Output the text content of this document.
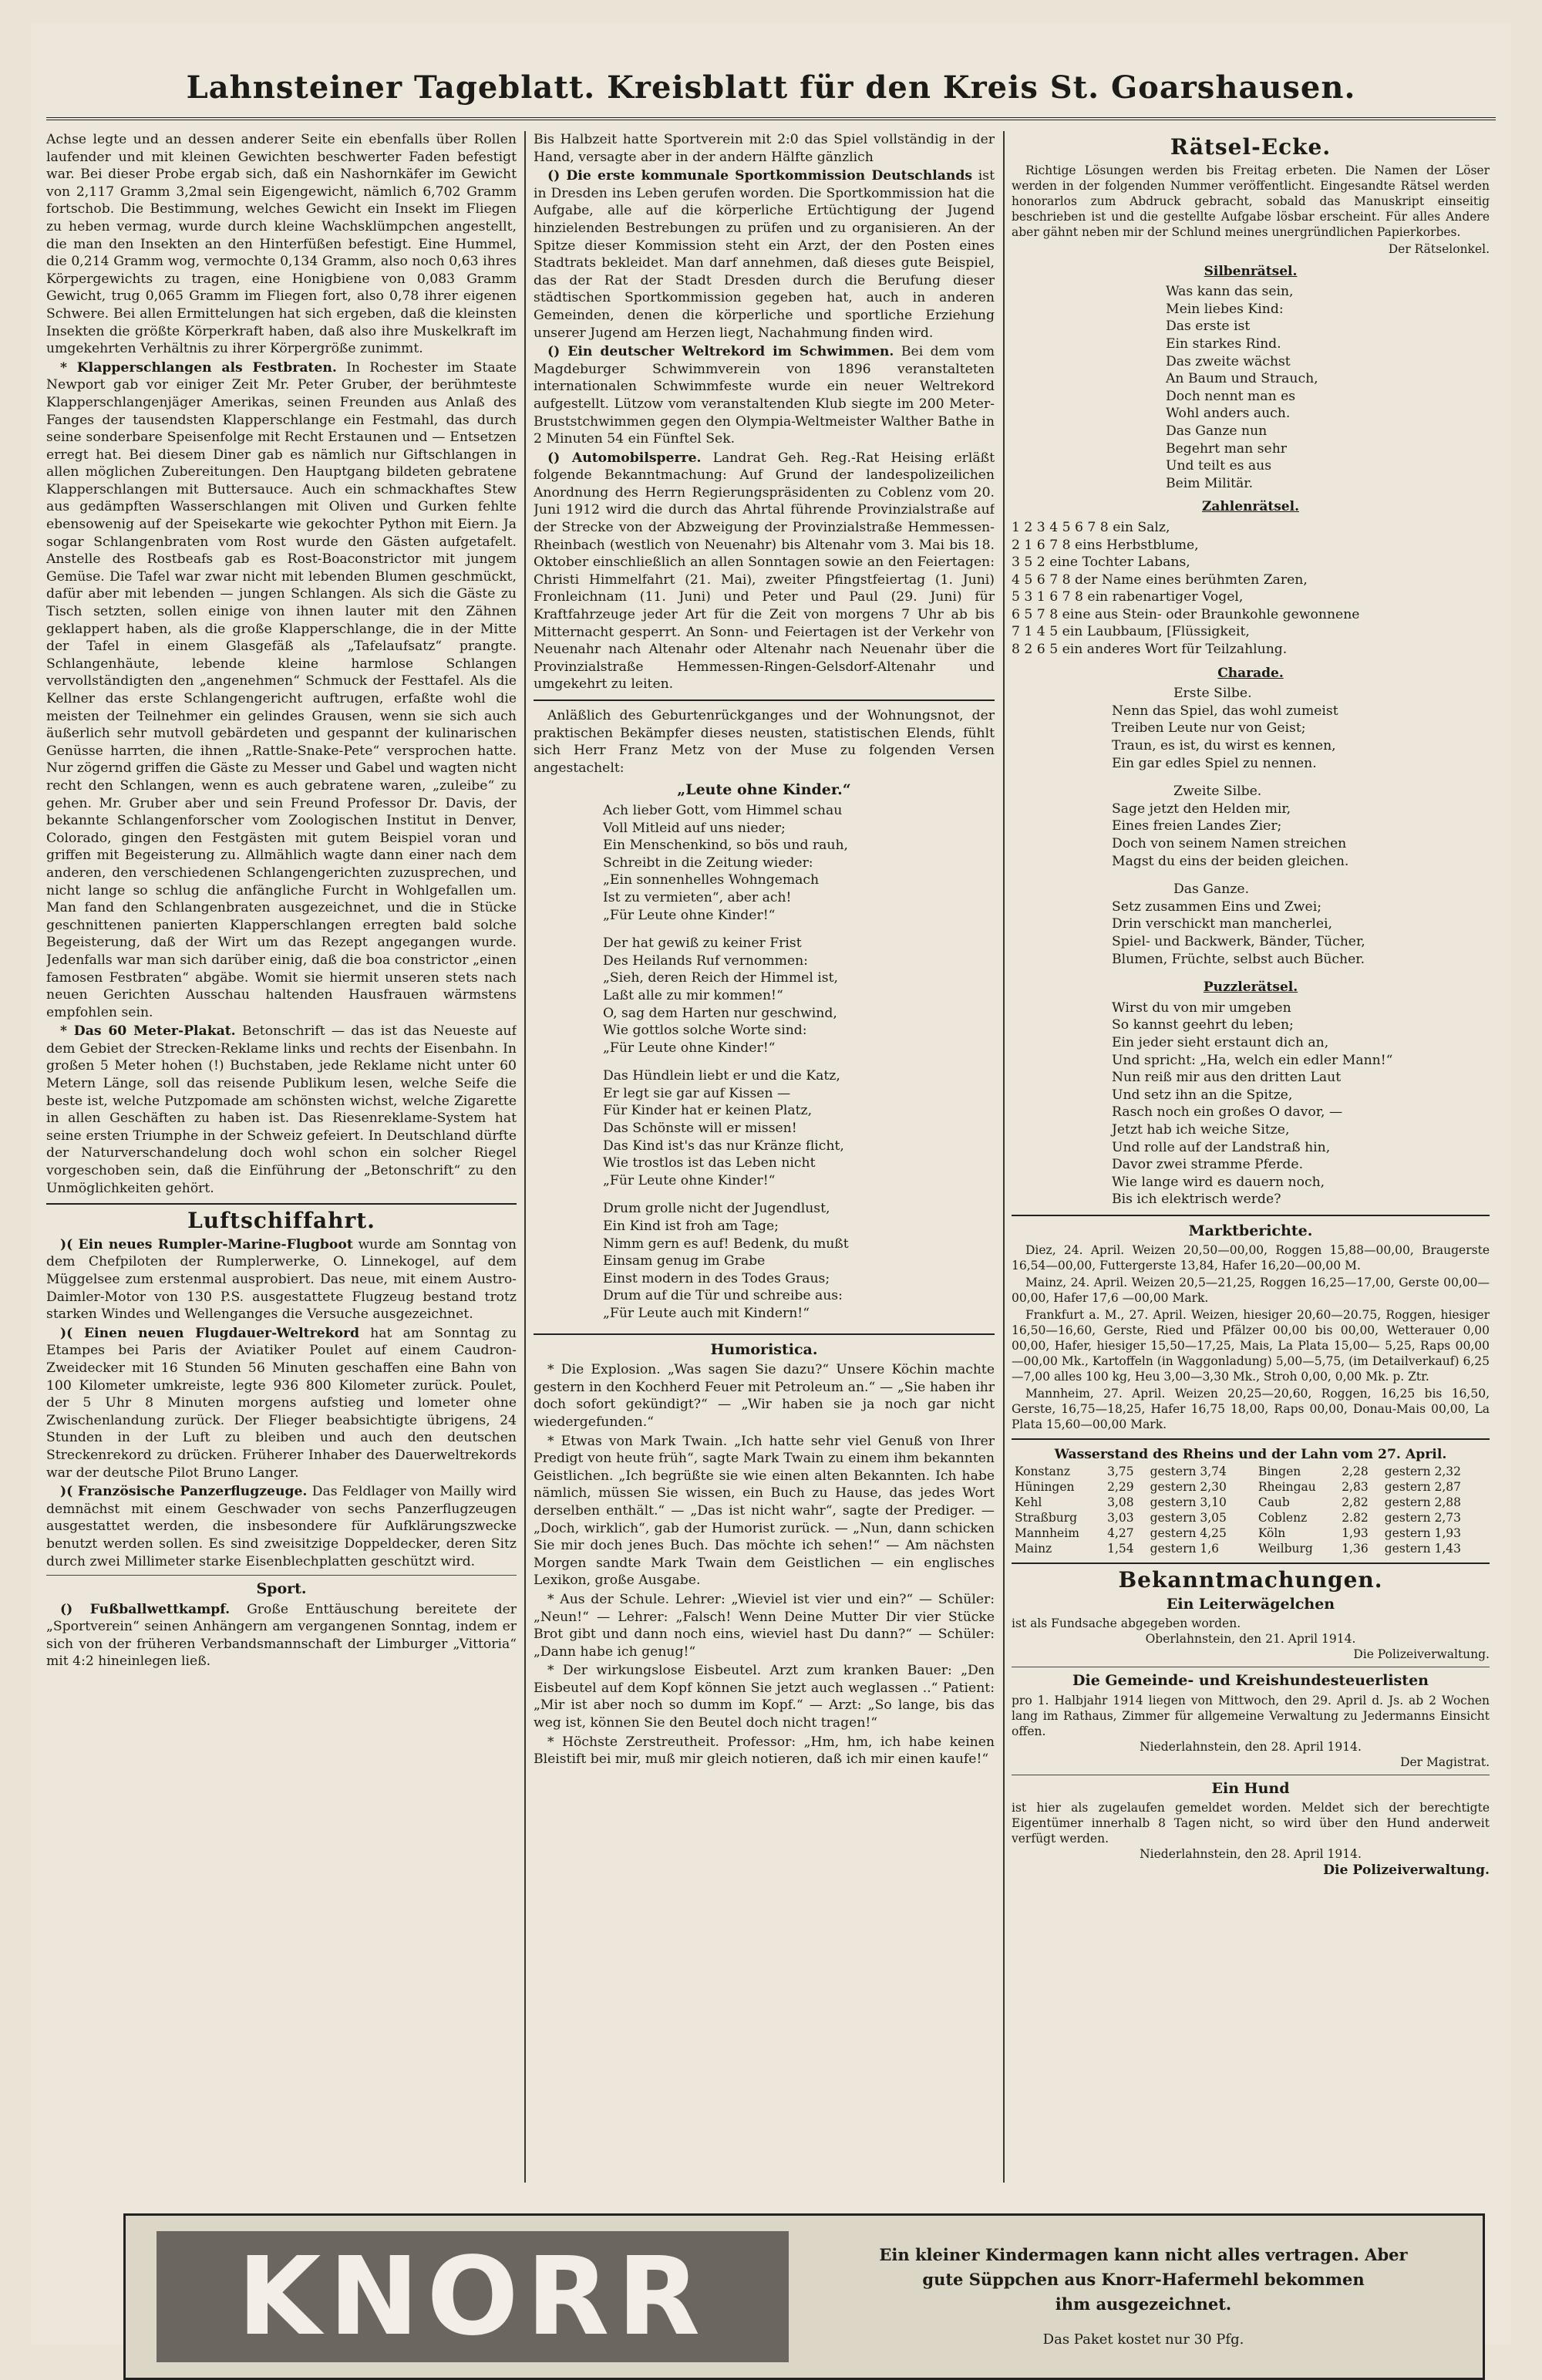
Lahnsteiner Tageblatt. Kreisblatt für den Kreis St. Goarshausen.

Achse legte und an dessen anderer Seite ein ebenfalls über Rollen laufender und mit kleinen Gewichten beschwerter Faden befestigt war. Bei dieser Probe ergab sich, daß ein Nashornkäfer im Gewicht von 2,117 Gramm 3,2mal sein Eigengewicht, nämlich 6,702 Gramm fortschob. Die Bestimmung, welches Gewicht ein Insekt im Fliegen zu heben vermag, wurde durch kleine Wachsklümpchen angestellt, die man den Insekten an den Hinterfüßen befestigt. Eine Hummel, die 0,214 Gramm wog, vermochte 0,134 Gramm, also noch 0,63 ihres Körpergewichts zu tragen, eine Honigbiene von 0,083 Gramm Gewicht, trug 0,065 Gramm im Fliegen fort, also 0,78 ihrer eigenen Schwere. Bei allen Ermittelungen hat sich ergeben, daß die kleinsten Insekten die größte Körperkraft haben, daß also ihre Muskelkraft im umgekehrten Verhältnis zu ihrer Körpergröße zunimmt.

* Klapperschlangen als Festbraten. In Rochester im Staate Newport gab vor einiger Zeit Mr. Peter Gruber, der berühmteste Klapperschlangenjäger Amerikas, seinen Freunden aus Anlaß des Fanges der tausendsten Klapperschlange ein Festmahl, das durch seine sonderbare Speisenfolge mit Recht Erstaunen und — Entsetzen erregt hat. Bei diesem Diner gab es nämlich nur Giftschlangen in allen möglichen Zubereitungen. Den Hauptgang bildeten gebratene Klapperschlangen mit Buttersauce. Auch ein schmackhaftes Stew aus gedämpften Wasserschlangen mit Oliven und Gurken fehlte ebensowenig auf der Speisekarte wie gekochter Python mit Eiern. Ja sogar Schlangenbraten vom Rost wurde den Gästen aufgetafelt. Anstelle des Rostbeafs gab es Rost-Boaconstrictor mit jungem Gemüse. Die Tafel war zwar nicht mit lebenden Blumen geschmückt, dafür aber mit lebenden — jungen Schlangen. Als sich die Gäste zu Tisch setzten, sollen einige von ihnen lauter mit den Zähnen geklappert haben, als die große Klapperschlange, die in der Mitte der Tafel in einem Glasgefäß als „Tafelaufsatz“ prangte. Schlangenhäute, lebende kleine harmlose Schlangen vervollständigten den „angenehmen“ Schmuck der Festtafel. Als die Kellner das erste Schlangengericht auftrugen, erfaßte wohl die meisten der Teilnehmer ein gelindes Grausen, wenn sie sich auch äußerlich sehr mutvoll gebärdeten und gespannt der kulinarischen Genüsse harrten, die ihnen „Rattle-Snake-Pete“ versprochen hatte. Nur zögernd griffen die Gäste zu Messer und Gabel und wagten nicht recht den Schlangen, wenn es auch gebratene waren, „zuleibe“ zu gehen. Mr. Gruber aber und sein Freund Professor Dr. Davis, der bekannte Schlangenforscher vom Zoologischen Institut in Denver, Colorado, gingen den Festgästen mit gutem Beispiel voran und griffen mit Begeisterung zu. Allmählich wagte dann einer nach dem anderen, den verschiedenen Schlangengerichten zuzusprechen, und nicht lange so schlug die anfängliche Furcht in Wohlgefallen um. Man fand den Schlangenbraten ausgezeichnet, und die in Stücke geschnittenen panierten Klapperschlangen erregten bald solche Begeisterung, daß der Wirt um das Rezept angegangen wurde. Jedenfalls war man sich darüber einig, daß die boa constrictor „einen famosen Festbraten“ abgäbe. Womit sie hiermit unseren stets nach neuen Gerichten Ausschau haltenden Hausfrauen wärmstens empfohlen sein.

* Das 60 Meter-Plakat. Betonschrift — das ist das Neueste auf dem Gebiet der Strecken-Reklame links und rechts der Eisenbahn. In großen 5 Meter hohen (!) Buchstaben, jede Reklame nicht unter 60 Metern Länge, soll das reisende Publikum lesen, welche Seife die beste ist, welche Putzpomade am schönsten wichst, welche Zigarette in allen Geschäften zu haben ist. Das Riesenreklame-System hat seine ersten Triumphe in der Schweiz gefeiert. In Deutschland dürfte der Naturverschandelung doch wohl schon ein solcher Riegel vorgeschoben sein, daß die Einführung der „Betonschrift“ zu den Unmöglichkeiten gehört.

Luftschiffahrt.

)( Ein neues Rumpler-Marine-Flugboot wurde am Sonntag von dem Chefpiloten der Rumplerwerke, O. Linnekogel, auf dem Müggelsee zum erstenmal ausprobiert. Das neue, mit einem Austro-Daimler-Motor von 130 P.S. ausgestattete Flugzeug bestand trotz starken Windes und Wellenganges die Versuche ausgezeichnet.

)( Einen neuen Flugdauer-Weltrekord hat am Sonntag zu Etampes bei Paris der Aviatiker Poulet auf einem Caudron-Zweidecker mit 16 Stunden 56 Minuten geschaffen eine Bahn von 100 Kilometer umkreiste, legte 936 800 Kilometer zurück. Poulet, der 5 Uhr 8 Minuten morgens aufstieg und lometer ohne Zwischenlandung zurück. Der Flieger beabsichtigte übrigens, 24 Stunden in der Luft zu bleiben und auch den deutschen Streckenrekord zu drücken. Früherer Inhaber des Dauerweltrekords war der deutsche Pilot Bruno Langer.

)( Französische Panzerflugzeuge. Das Feldlager von Mailly wird demnächst mit einem Geschwader von sechs Panzerflugzeugen ausgestattet werden, die insbesondere für Aufklärungszwecke benutzt werden sollen. Es sind zweisitzige Doppeldecker, deren Sitz durch zwei Millimeter starke Eisenblechplatten geschützt wird.

Sport.

() Fußballwettkampf. Große Enttäuschung bereitete der „Sportverein“ seinen Anhängern am vergangenen Sonntag, indem er sich von der früheren Verbandsmannschaft der Limburger „Vittoria“ mit 4:2 hineinlegen ließ.

Bis Halbzeit hatte Sportverein mit 2:0 das Spiel vollständig in der Hand, versagte aber in der andern Hälfte gänzlich

() Die erste kommunale Sportkommission Deutschlands ist in Dresden ins Leben gerufen worden. Die Sportkommission hat die Aufgabe, alle auf die körperliche Ertüchtigung der Jugend hinzielenden Bestrebungen zu prüfen und zu organisieren. An der Spitze dieser Kommission steht ein Arzt, der den Posten eines Stadtrats bekleidet. Man darf annehmen, daß dieses gute Beispiel, das der Rat der Stadt Dresden durch die Berufung dieser städtischen Sportkommission gegeben hat, auch in anderen Gemeinden, denen die körperliche und sportliche Erziehung unserer Jugend am Herzen liegt, Nachahmung finden wird.

() Ein deutscher Weltrekord im Schwimmen. Bei dem vom Magdeburger Schwimmverein von 1896 veranstalteten internationalen Schwimmfeste wurde ein neuer Weltrekord aufgestellt. Lützow vom veranstaltenden Klub siegte im 200 Meter-Bruststchwimmen gegen den Olympia-Weltmeister Walther Bathe in 2 Minuten 54 ein Fünftel Sek.

() Automobilsperre. Landrat Geh. Reg.-Rat Heising erläßt folgende Bekanntmachung: Auf Grund der landespolizeilichen Anordnung des Herrn Regierungspräsidenten zu Coblenz vom 20. Juni 1912 wird die durch das Ahrtal führende Provinzialstraße auf der Strecke von der Abzweigung der Provinzialstraße Hemmessen-Rheinbach (westlich von Neuenahr) bis Altenahr vom 3. Mai bis 18. Oktober einschließlich an allen Sonntagen sowie an den Feiertagen: Christi Himmelfahrt (21. Mai), zweiter Pfingstfeiertag (1. Juni) Fronleichnam (11. Juni) und Peter und Paul (29. Juni) für Kraftfahrzeuge jeder Art für die Zeit von morgens 7 Uhr ab bis Mitternacht gesperrt. An Sonn- und Feiertagen ist der Verkehr von Neuenahr nach Altenahr oder Altenahr nach Neuenahr über die Provinzialstraße Hemmessen-Ringen-Gelsdorf-Altenahr und umgekehrt zu leiten.

Anläßlich des Geburtenrückganges und der Wohnungsnot, der praktischen Bekämpfer dieses neusten, statistischen Elends, fühlt sich Herr Franz Metz von der Muse zu folgenden Versen angestachelt:

„Leute ohne Kinder.“
Ach lieber Gott, vom Himmel schau
Voll Mitleid auf uns nieder;
Ein Menschenkind, so bös und rauh,
Schreibt in die Zeitung wieder:
„Ein sonnenhelles Wohngemach
Ist zu vermieten“, aber ach!
„Für Leute ohne Kinder!“
Der hat gewiß zu keiner Frist
Des Heilands Ruf vernommen:
„Sieh, deren Reich der Himmel ist,
Laßt alle zu mir kommen!“
O, sag dem Harten nur geschwind,
Wie gottlos solche Worte sind:
„Für Leute ohne Kinder!“
Das Hündlein liebt er und die Katz,
Er legt sie gar auf Kissen —
Für Kinder hat er keinen Platz,
Das Schönste will er missen!
Das Kind ist's das nur Kränze flicht,
Wie trostlos ist das Leben nicht
„Für Leute ohne Kinder!“
Drum grolle nicht der Jugendlust,
Ein Kind ist froh am Tage;
Nimm gern es auf! Bedenk, du mußt
Einsam genug im Grabe
Einst modern in des Todes Graus;
Drum auf die Tür und schreibe aus:
„Für Leute auch mit Kindern!“
Humoristica.

* Die Explosion. „Was sagen Sie dazu?“ Unsere Köchin machte gestern in den Kochherd Feuer mit Petroleum an.“ — „Sie haben ihr doch sofort gekündigt?“ — „Wir haben sie ja noch gar nicht wiedergefunden.“

* Etwas von Mark Twain. „Ich hatte sehr viel Genuß von Ihrer Predigt von heute früh“, sagte Mark Twain zu einem ihm bekannten Geistlichen. „Ich begrüßte sie wie einen alten Bekannten. Ich habe nämlich, müssen Sie wissen, ein Buch zu Hause, das jedes Wort derselben enthält.“ — „Das ist nicht wahr“, sagte der Prediger. — „Doch, wirklich“, gab der Humorist zurück. — „Nun, dann schicken Sie mir doch jenes Buch. Das möchte ich sehen!“ — Am nächsten Morgen sandte Mark Twain dem Geistlichen — ein englisches Lexikon, große Ausgabe.

* Aus der Schule. Lehrer: „Wieviel ist vier und ein?“ — Schüler: „Neun!“ — Lehrer: „Falsch! Wenn Deine Mutter Dir vier Stücke Brot gibt und dann noch eins, wieviel hast Du dann?“ — Schüler: „Dann habe ich genug!“

* Der wirkungslose Eisbeutel. Arzt zum kranken Bauer: „Den Eisbeutel auf dem Kopf können Sie jetzt auch weglassen ..“ Patient: „Mir ist aber noch so dumm im Kopf.“ — Arzt: „So lange, bis das weg ist, können Sie den Beutel doch nicht tragen!“

* Höchste Zerstreutheit. Professor: „Hm, hm, ich habe keinen Bleistift bei mir, muß mir gleich notieren, daß ich mir einen kaufe!“

Rätsel-Ecke.

Richtige Lösungen werden bis Freitag erbeten. Die Namen der Löser werden in der folgenden Nummer veröffentlicht. Eingesandte Rätsel werden honorarlos zum Abdruck gebracht, sobald das Manuskript einseitig beschrieben ist und die gestellte Aufgabe lösbar erscheint. Für alles Andere aber gähnt neben mir der Schlund meines unergründlichen Papierkorbes.

Der Rätselonkel.
Silbenrätsel.
Was kann das sein,
Mein liebes Kind:
Das erste ist
Ein starkes Rind.
Das zweite wächst
An Baum und Strauch,
Doch nennt man es
Wohl anders auch.
Das Ganze nun
Begehrt man sehr
Und teilt es aus
Beim Militär.
Zahlenrätsel.
1 2 3 4 5 6 7 8 ein Salz,
2 1 6 7 8 eins Herbstblume,
3 5 2 eine Tochter Labans,
4 5 6 7 8 der Name eines berühmten Zaren,
5 3 1 6 7 8 ein rabenartiger Vogel,
6 5 7 8 eine aus Stein- oder Braunkohle gewonnene
7 1 4 5 ein Laubbaum, [Flüssigkeit,
8 2 6 5 ein anderes Wort für Teilzahlung.
Charade.
Erste Silbe.
Nenn das Spiel, das wohl zumeist
Treiben Leute nur von Geist;
Traun, es ist, du wirst es kennen,
Ein gar edles Spiel zu nennen.
Zweite Silbe.
Sage jetzt den Helden mir,
Eines freien Landes Zier;
Doch von seinem Namen streichen
Magst du eins der beiden gleichen.
Das Ganze.
Setz zusammen Eins und Zwei;
Drin verschickt man mancherlei,
Spiel- und Backwerk, Bänder, Tücher,
Blumen, Früchte, selbst auch Bücher.
Puzzlerätsel.
Wirst du von mir umgeben
So kannst geehrt du leben;
Ein jeder sieht erstaunt dich an,
Und spricht: „Ha, welch ein edler Mann!“
Nun reiß mir aus den dritten Laut
Und setz ihn an die Spitze,
Rasch noch ein großes O davor, —
Jetzt hab ich weiche Sitze,
Und rolle auf der Landstraß hin,
Davor zwei stramme Pferde.
Wie lange wird es dauern noch,
Bis ich elektrisch werde?
Marktberichte.

Diez, 24. April. Weizen 20,50—00,00, Roggen 15,88—00,00, Braugerste 16,54—00,00, Futtergerste 13,84, Hafer 16,20—00,00 M.

Mainz, 24. April. Weizen 20,5—21,25, Roggen 16,25—17,00, Gerste 00,00—00,00, Hafer 17,6 —00,00 Mark.

Frankfurt a. M., 27. April. Weizen, hiesiger 20,60—20.75, Roggen, hiesiger 16,50—16,60, Gerste, Ried und Pfälzer 00,00 bis 00,00, Wetterauer 0,00 00,00, Hafer, hiesiger 15,50—17,25, Mais, La Plata 15,00— 5,25, Raps 00,00—00,00 Mk., Kartoffeln (in Waggonladung) 5,00—5,75, (im Detailverkauf) 6,25—7,00 alles 100 kg, Heu 3,00—3,30 Mk., Stroh 0,00, 0,00 Mk. p. Ztr.

Mannheim, 27. April. Weizen 20,25—20,60, Roggen, 16,25 bis 16,50, Gerste, 16,75—18,25, Hafer 16,75 18,00, Raps 00,00, Donau-Mais 00,00, La Plata 15,60—00,00 Mark.

Wasserstand des Rheins und der Lahn vom 27. April.
Konstanz	3,75	gestern 3,74	Bingen	2,28	gestern 2,32
Hüningen	2,29	gestern 2,30	Rheingau	2,83	gestern 2,87
Kehl	3,08	gestern 3,10	Caub	2,82	gestern 2,88
Straßburg	3,03	gestern 3,05	Coblenz	2.82	gestern 2,73
Mannheim	4,27	gestern 4,25	Köln	1,93	gestern 1,93
Mainz	1,54	gestern 1,6	Weilburg	1,36	gestern 1,43
Bekanntmachungen.
Ein Leiterwägelchen
ist als Fundsache abgegeben worden.
Oberlahnstein, den 21. April 1914.
Die Polizeiverwaltung.
Die Gemeinde- und Kreishundesteuerlisten
pro 1. Halbjahr 1914 liegen von Mittwoch, den 29. April d. Js. ab 2 Wochen lang im Rathaus, Zimmer für allgemeine Verwaltung zu Jedermanns Einsicht offen.
Niederlahnstein, den 28. April 1914.
Der Magistrat.
Ein Hund
ist hier als zugelaufen gemeldet worden. Meldet sich der berechtigte Eigentümer innerhalb 8 Tagen nicht, so wird über den Hund anderweit verfügt werden.
Niederlahnstein, den 28. April 1914.
Die Polizeiverwaltung.
KNORR	Ein kleiner Kindermagen kann nicht alles vertragen. Aber
gute Süppchen aus Knorr-Hafermehl bekommen
ihm ausgezeichnet.
Das Paket kostet nur 30 Pfg.
